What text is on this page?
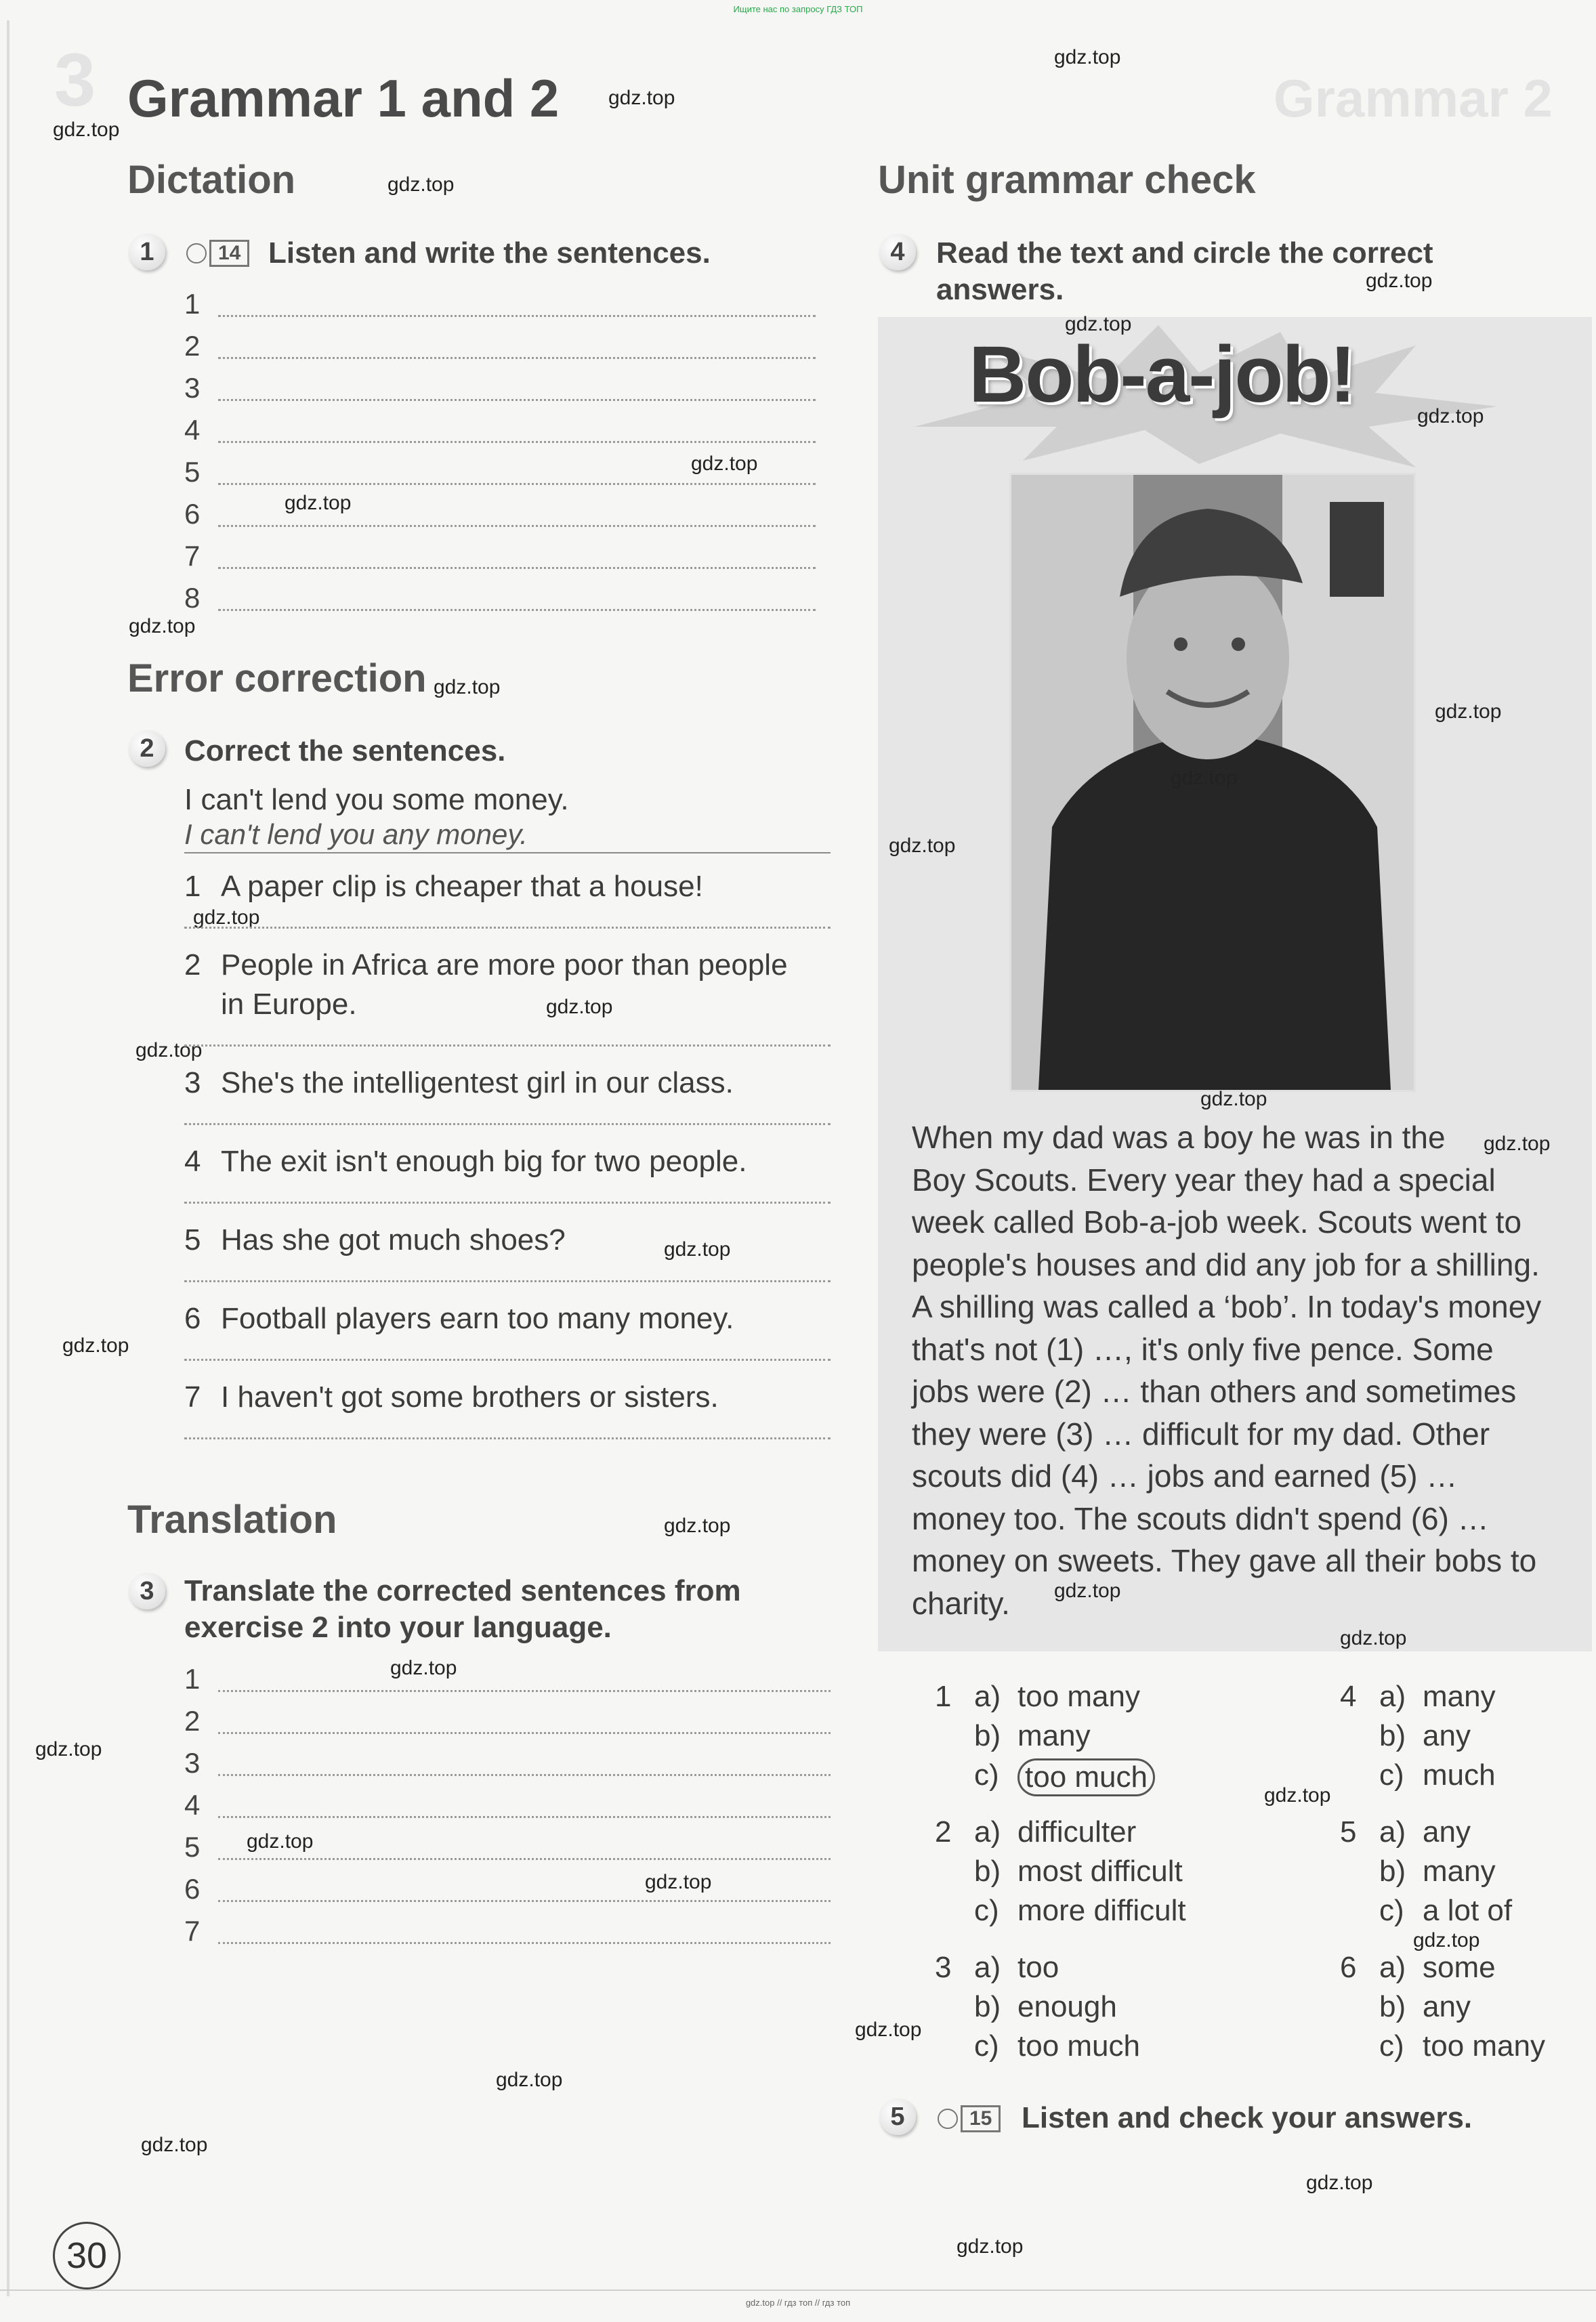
Ищите нас по запросу ГДЗ ТОП
3	Grammar 2
Grammar 1 and 2
Dictation
1	14 Listen and write the sentences.
Error correction
2	Correct the sentences.
I can't lend you some money.
I can't lend you any money.
Translation
3	Translate the corrected sentences from
exercise 2 into your language.
Unit grammar check
4	Read the text and circle the correct
answers.
Bob-a-job!
When my dad was a boy he was in the
Boy Scouts. Every year they had a special
week called Bob-a-job week. Scouts went to
people's houses and did any job for a shilling.
A shilling was called a ‘bob’. In today's money
that's not (1) …, it's only five pence. Some
jobs were (2) … than others and sometimes
they were (3) … difficult for my dad. Other
scouts did (4) … jobs and earned (5) …
money too. The scouts didn't spend (6) …
money on sweets. They gave all their bobs to
charity.
5	15 Listen and check your answers.
30
gdz.top // гдз топ // гдз топ
gdz.top
gdz.top
gdz.top
gdz.top
gdz.top
gdz.top
gdz.top
gdz.top
gdz.top
gdz.top
gdz.top
gdz.top
gdz.top
gdz.top
gdz.top
gdz.top
gdz.top
gdz.top
gdz.top
gdz.top
gdz.top
gdz.top
gdz.top
gdz.top
gdz.top
gdz.top
gdz.top
gdz.top
gdz.top
gdz.top
gdz.top
gdz.top
gdz.top
gdz.top
gdz.top
1
2
3
4
5
6
7
8
1 A paper clip is cheaper that a house!
2 People in Africa are more poor than people
in Europe.
3 She's the intelligentest girl in our class.
4 The exit isn't enough big for two people.
5 Has she got much shoes?
6 Football players earn too many money.
7 I haven't got some brothers or sisters.
1
2
3
4
5
6
7
1 a) too many
b) many
c) too much
2 a) difficulter
b) most difficult
c) more difficult
3 a) too
b) enough
c) too much
4 a) many
b) any
c) much
5 a) any
b) many
c) a lot of
6 a) some
b) any
c) too many
